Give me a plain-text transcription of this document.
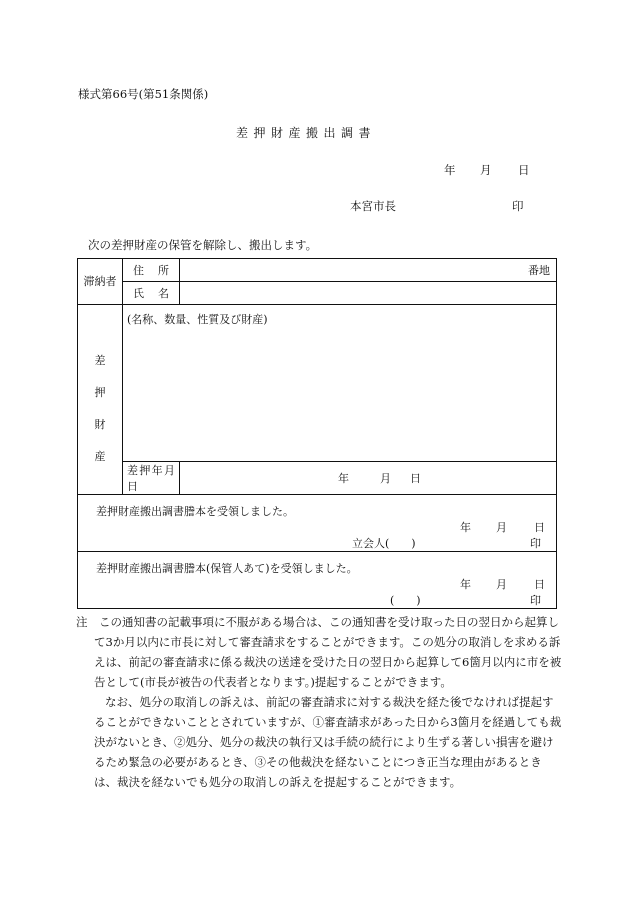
様式第66号(第51条関係)
差押財産搬出調書
年 月 日
本宮市長	印
次の差押財産の保管を解除し、搬出します。
滞納者	住　所	番地
	氏　名	

差
押
財
産	(名称、数量、性質及び財産)	
	差押年月日	年 月 日

差押財産搬出調書謄本を受領しました。
年 月 日
立会人(　　) 印		

差押財産搬出調書謄本(保管人あて)を受領しました。
年 月 日
(　　) 印		
注　この通知書の記載事項に不服がある場合は、この通知書を受け取った日の翌日から起算して3か月以内に市長に対して審査請求をすることができます。この処分の取消しを求める訴えは、前記の審査請求に係る裁決の送達を受けた日の翌日から起算して6箇月以内に市を被告として(市長が被告の代表者となります。)提起することができます。
なお、処分の取消しの訴えは、前記の審査請求に対する裁決を経た後でなければ提起することができないこととされていますが、①審査請求があった日から3箇月を経過しても裁決がないとき、②処分、処分の裁決の執行又は手続の続行により生ずる著しい損害を避けるため緊急の必要があるとき、③その他裁決を経ないことにつき正当な理由があるときは、裁決を経ないでも処分の取消しの訴えを提起することができます。
